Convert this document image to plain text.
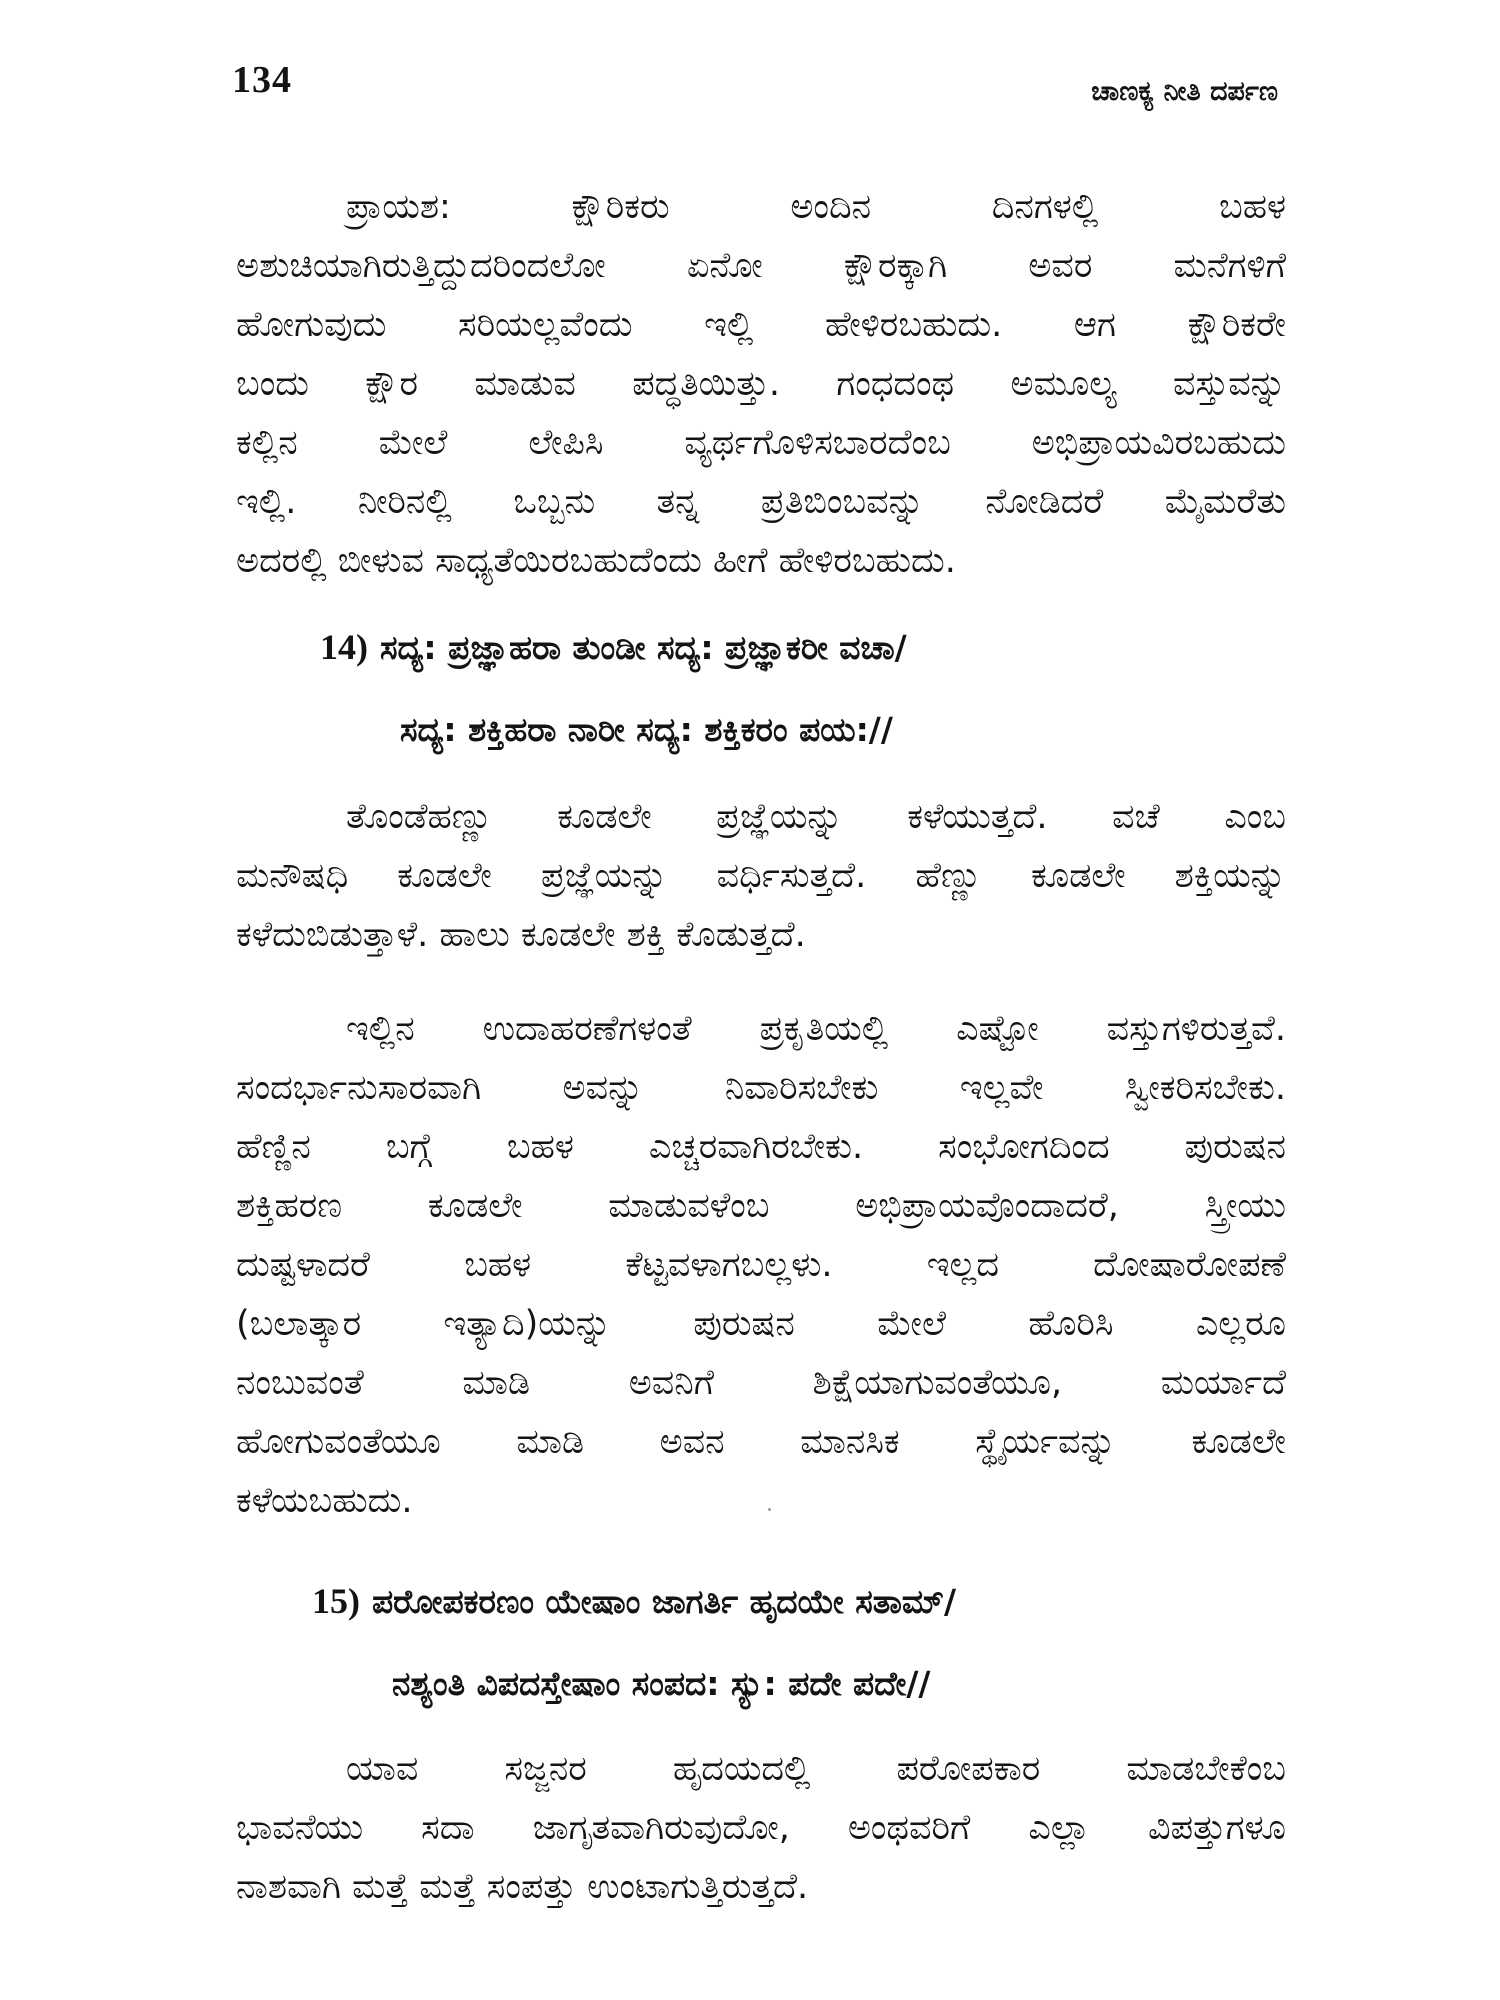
134	ಚಾಣಕ್ಯ ನೀತಿ ದರ್ಪಣ

ಪ್ರಾಯಶ: ಕ್ಷೌರಿಕರು ಅಂದಿನ ದಿನಗಳಲ್ಲಿ ಬಹಳ
ಅಶುಚಿಯಾಗಿರುತ್ತಿದ್ದುದರಿಂದಲೋ ಏನೋ ಕ್ಷೌರಕ್ಕಾಗಿ ಅವರ ಮನೆಗಳಿಗೆ
ಹೋಗುವುದು ಸರಿಯಲ್ಲವೆಂದು ಇಲ್ಲಿ ಹೇಳಿರಬಹುದು. ಆಗ ಕ್ಷೌರಿಕರೇ
ಬಂದು ಕ್ಷೌರ ಮಾಡುವ ಪದ್ಧತಿಯಿತ್ತು. ಗಂಧದಂಥ ಅಮೂಲ್ಯ ವಸ್ತುವನ್ನು
ಕಲ್ಲಿನ ಮೇಲೆ ಲೇಪಿಸಿ ವ್ಯರ್ಥಗೊಳಿಸಬಾರದೆಂಬ ಅಭಿಪ್ರಾಯವಿರಬಹುದು
ಇಲ್ಲಿ. ನೀರಿನಲ್ಲಿ ಒಬ್ಬನು ತನ್ನ ಪ್ರತಿಬಿಂಬವನ್ನು ನೋಡಿದರೆ ಮೈಮರೆತು
ಅದರಲ್ಲಿ ಬೀಳುವ ಸಾಧ್ಯತೆಯಿರಬಹುದೆಂದು ಹೀಗೆ ಹೇಳಿರಬಹುದು.

14) ಸದ್ಯ: ಪ್ರಜ್ಞಾಹರಾ ತುಂಡೀ ಸದ್ಯ: ಪ್ರಜ್ಞಾಕರೀ ವಚಾ/

ಸದ್ಯ: ಶಕ್ತಿಹರಾ ನಾರೀ ಸದ್ಯ: ಶಕ್ತಿಕರಂ ಪಯ://

ತೊಂಡೆಹಣ್ಣು ಕೂಡಲೇ ಪ್ರಜ್ಞೆಯನ್ನು ಕಳೆಯುತ್ತದೆ. ವಚೆ ಎಂಬ
ಮನೌಷಧಿ ಕೂಡಲೇ ಪ್ರಜ್ಞೆಯನ್ನು ವರ್ಧಿಸುತ್ತದೆ. ಹೆಣ್ಣು ಕೂಡಲೇ ಶಕ್ತಿಯನ್ನು
ಕಳೆದುಬಿಡುತ್ತಾಳೆ. ಹಾಲು ಕೂಡಲೇ ಶಕ್ತಿ ಕೊಡುತ್ತದೆ.

ಇಲ್ಲಿನ ಉದಾಹರಣೆಗಳಂತೆ ಪ್ರಕೃತಿಯಲ್ಲಿ ಎಷ್ಟೋ ವಸ್ತುಗಳಿರುತ್ತವೆ.
ಸಂದರ್ಭಾನುಸಾರವಾಗಿ ಅವನ್ನು ನಿವಾರಿಸಬೇಕು ಇಲ್ಲವೇ ಸ್ವೀಕರಿಸಬೇಕು.
ಹೆಣ್ಣಿನ ಬಗ್ಗೆ ಬಹಳ ಎಚ್ಚರವಾಗಿರಬೇಕು. ಸಂಭೋಗದಿಂದ ಪುರುಷನ
ಶಕ್ತಿಹರಣ ಕೂಡಲೇ ಮಾಡುವಳೆಂಬ ಅಭಿಪ್ರಾಯವೊಂದಾದರೆ, ಸ್ತ್ರೀಯು
ದುಷ್ಟಳಾದರೆ ಬಹಳ ಕೆಟ್ಟವಳಾಗಬಲ್ಲಳು. ಇಲ್ಲದ ದೋಷಾರೋಪಣೆ
(ಬಲಾತ್ಕಾರ ಇತ್ಯಾದಿ)ಯನ್ನು ಪುರುಷನ ಮೇಲೆ ಹೊರಿಸಿ ಎಲ್ಲರೂ
ನಂಬುವಂತೆ ಮಾಡಿ ಅವನಿಗೆ ಶಿಕ್ಷೆಯಾಗುವಂತೆಯೂ, ಮರ್ಯಾದೆ
ಹೋಗುವಂತೆಯೂ ಮಾಡಿ ಅವನ ಮಾನಸಿಕ ಸ್ಥೈರ್ಯವನ್ನು ಕೂಡಲೇ
ಕಳೆಯಬಹುದು.

15) ಪರೋಪಕರಣಂ ಯೇಷಾಂ ಜಾಗರ್ತಿ ಹೃದಯೇ ಸತಾಮ್/

ನಶ್ಯಂತಿ ವಿಪದಸ್ತೇಷಾಂ ಸಂಪದ: ಸ್ಯು: ಪದೇ ಪದೇ//

ಯಾವ ಸಜ್ಜನರ ಹೃದಯದಲ್ಲಿ ಪರೋಪಕಾರ ಮಾಡಬೇಕೆಂಬ
ಭಾವನೆಯು ಸದಾ ಜಾಗೃತವಾಗಿರುವುದೋ, ಅಂಥವರಿಗೆ ಎಲ್ಲಾ ವಿಪತ್ತುಗಳೂ
ನಾಶವಾಗಿ ಮತ್ತೆ ಮತ್ತೆ ಸಂಪತ್ತು ಉಂಟಾಗುತ್ತಿರುತ್ತದೆ.
